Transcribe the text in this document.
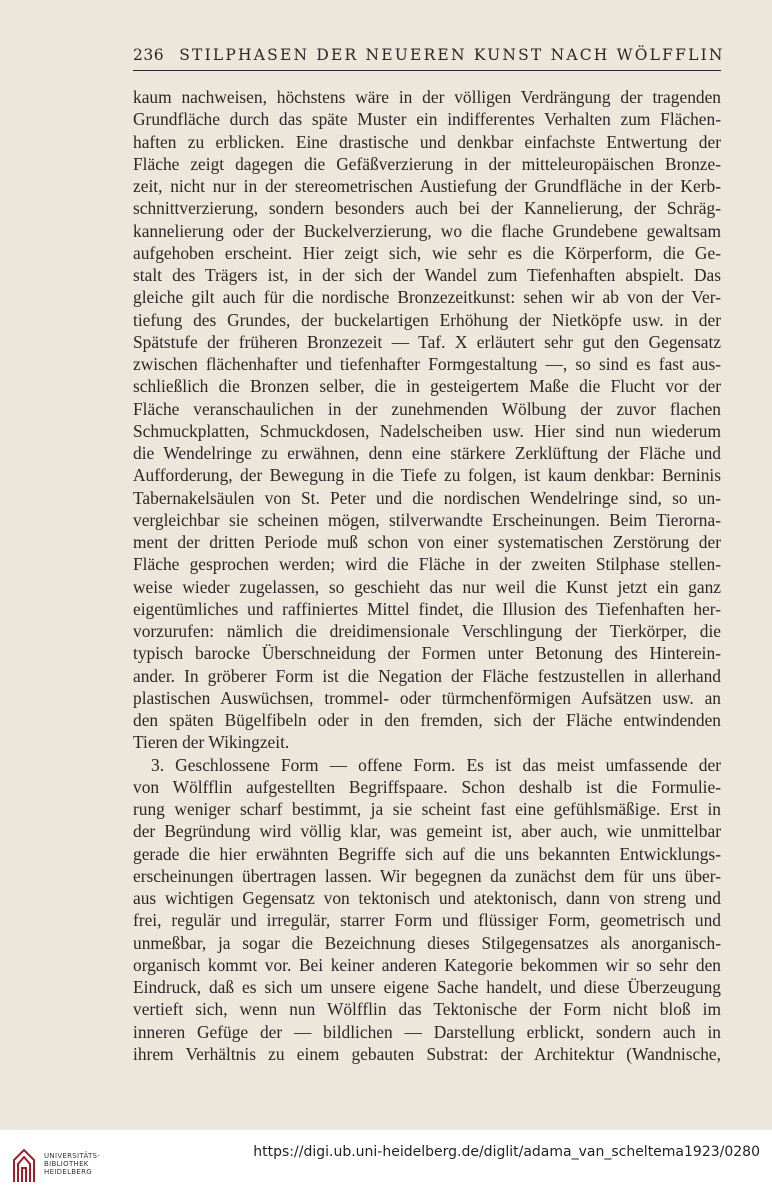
236 STILPHASEN DER NEUEREN KUNST NACH WÖLFFLIN
kaum nachweisen, höchstens wäre in der völligen Verdrängung der tragenden
Grundfläche durch das späte Muster ein indifferentes Verhalten zum Flächen-
haften zu erblicken. Eine drastische und denkbar einfachste Entwertung der
Fläche zeigt dagegen die Gefäßverzierung in der mitteleuropäischen Bronze-
zeit, nicht nur in der stereometrischen Austiefung der Grundfläche in der Kerb-
schnittverzierung, sondern besonders auch bei der Kannelierung, der Schräg-
kannelierung oder der Buckelverzierung, wo die flache Grundebene gewaltsam
aufgehoben erscheint. Hier zeigt sich, wie sehr es die Körperform, die Ge-
stalt des Trägers ist, in der sich der Wandel zum Tiefenhaften abspielt. Das
gleiche gilt auch für die nordische Bronzezeitkunst: sehen wir ab von der Ver-
tiefung des Grundes, der buckelartigen Erhöhung der Nietköpfe usw. in der
Spätstufe der früheren Bronzezeit — Taf. X erläutert sehr gut den Gegensatz
zwischen flächenhafter und tiefenhafter Formgestaltung —, so sind es fast aus-
schließlich die Bronzen selber, die in gesteigertem Maße die Flucht vor der
Fläche veranschaulichen in der zunehmenden Wölbung der zuvor flachen
Schmuckplatten, Schmuckdosen, Nadelscheiben usw. Hier sind nun wiederum
die Wendelringe zu erwähnen, denn eine stärkere Zerklüftung der Fläche und
Aufforderung, der Bewegung in die Tiefe zu folgen, ist kaum denkbar: Berninis
Tabernakelsäulen von St. Peter und die nordischen Wendelringe sind, so un-
vergleichbar sie scheinen mögen, stilverwandte Erscheinungen. Beim Tierorna-
ment der dritten Periode muß schon von einer systematischen Zerstörung der
Fläche gesprochen werden; wird die Fläche in der zweiten Stilphase stellen-
weise wieder zugelassen, so geschieht das nur weil die Kunst jetzt ein ganz
eigentümliches und raffiniertes Mittel findet, die Illusion des Tiefenhaften her-
vorzurufen: nämlich die dreidimensionale Verschlingung der Tierkörper, die
typisch barocke Überschneidung der Formen unter Betonung des Hinterein-
ander. In gröberer Form ist die Negation der Fläche festzustellen in allerhand
plastischen Auswüchsen, trommel- oder türmchenförmigen Aufsätzen usw. an
den späten Bügelfibeln oder in den fremden, sich der Fläche entwindenden
Tieren der Wikingzeit.
3. Geschlossene Form — offene Form. Es ist das meist umfassende der
von Wölfflin aufgestellten Begriffspaare. Schon deshalb ist die Formulie-
rung weniger scharf bestimmt, ja sie scheint fast eine gefühlsmäßige. Erst in
der Begründung wird völlig klar, was gemeint ist, aber auch, wie unmittelbar
gerade die hier erwähnten Begriffe sich auf die uns bekannten Entwicklungs-
erscheinungen übertragen lassen. Wir begegnen da zunächst dem für uns über-
aus wichtigen Gegensatz von tektonisch und atektonisch, dann von streng und
frei, regulär und irregulär, starrer Form und flüssiger Form, geometrisch und
unmeßbar, ja sogar die Bezeichnung dieses Stilgegensatzes als anorganisch-
organisch kommt vor. Bei keiner anderen Kategorie bekommen wir so sehr den
Eindruck, daß es sich um unsere eigene Sache handelt, und diese Überzeugung
vertieft sich, wenn nun Wölfflin das Tektonische der Form nicht bloß im
inneren Gefüge der — bildlichen — Darstellung erblickt, sondern auch in
ihrem Verhältnis zu einem gebauten Substrat: der Architektur (Wandnische,
UNIVERSITÄTS-
BIBLIOTHEK
HEIDELBERG
https://digi.ub.uni-heidelberg.de/diglit/adama_van_scheltema1923/0280
